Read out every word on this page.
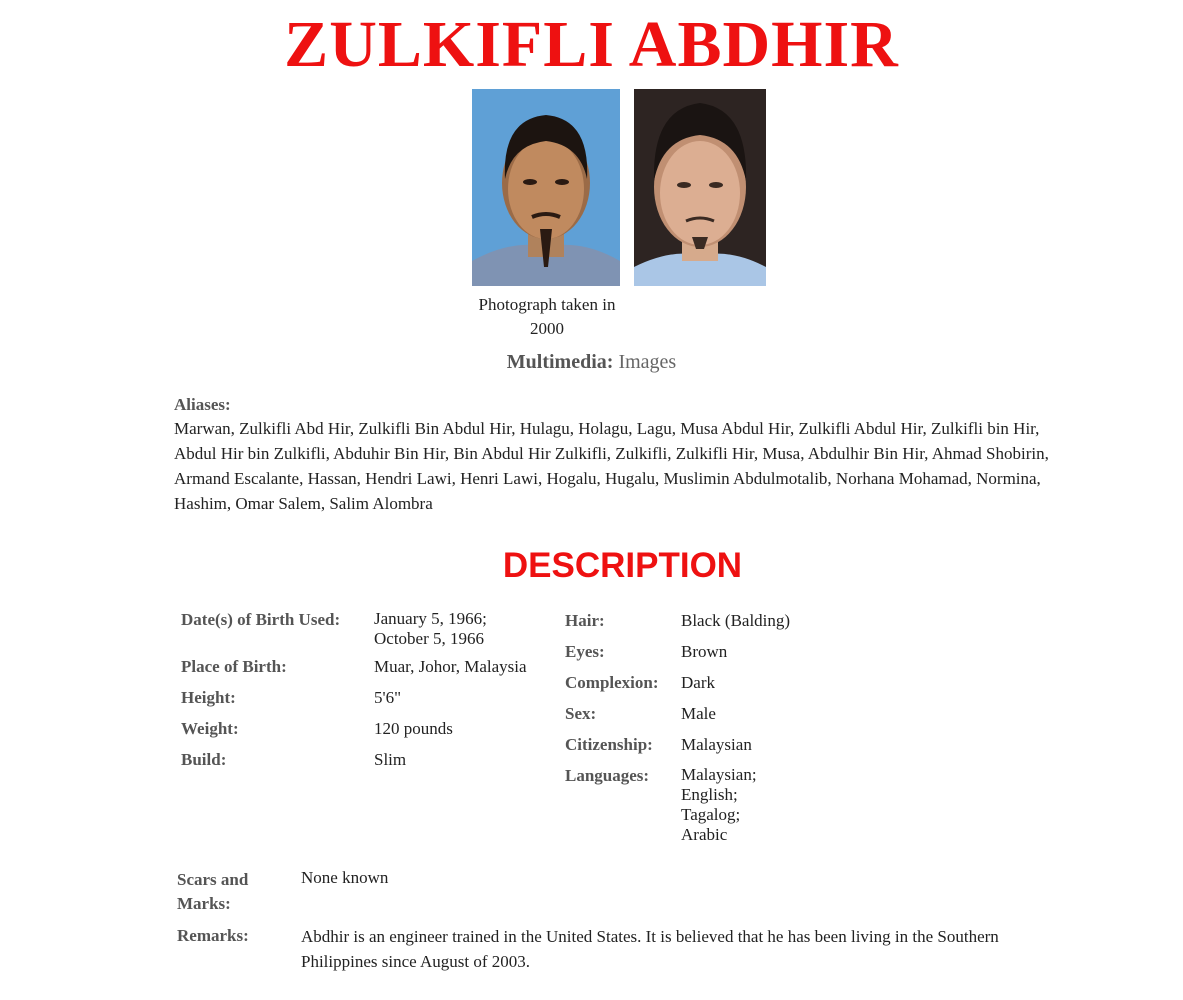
ZULKIFLI ABDHIR
Photograph taken in 2000
Multimedia: Images
Aliases:
Marwan, Zulkifli Abd Hir, Zulkifli Bin Abdul Hir, Hulagu, Holagu, Lagu, Musa Abdul Hir, Zulkifli Abdul Hir, Zulkifli bin Hir, Abdul Hir bin Zulkifli, Abduhir Bin Hir, Bin Abdul Hir Zulkifli, Zulkifli, Zulkifli Hir, Musa, Abdulhir Bin Hir, Ahmad Shobirin, Armand Escalante, Hassan, Hendri Lawi, Henri Lawi, Hogalu, Hugalu, Muslimin Abdulmotalib, Norhana Mohamad, Normina, Hashim, Omar Salem, Salim Alombra
DESCRIPTION
Date(s) of Birth Used: January 5, 1966;
October 5, 1966
Place of Birth:	Muar, Johor, Malaysia
Height:	5'6"
Weight:	120 pounds
Build:	Slim
Hair:	Black (Balding)
Eyes:	Brown
Complexion: Dark
Sex:	Male
Citizenship: Malaysian
Languages: Malaysian;
English;
Tagalog;
Arabic
Scars and Marks:
None known
Remarks:	Abdhir is an engineer trained in the United States. It is believed that he has been living in the Southern Philippines since August of 2003.
